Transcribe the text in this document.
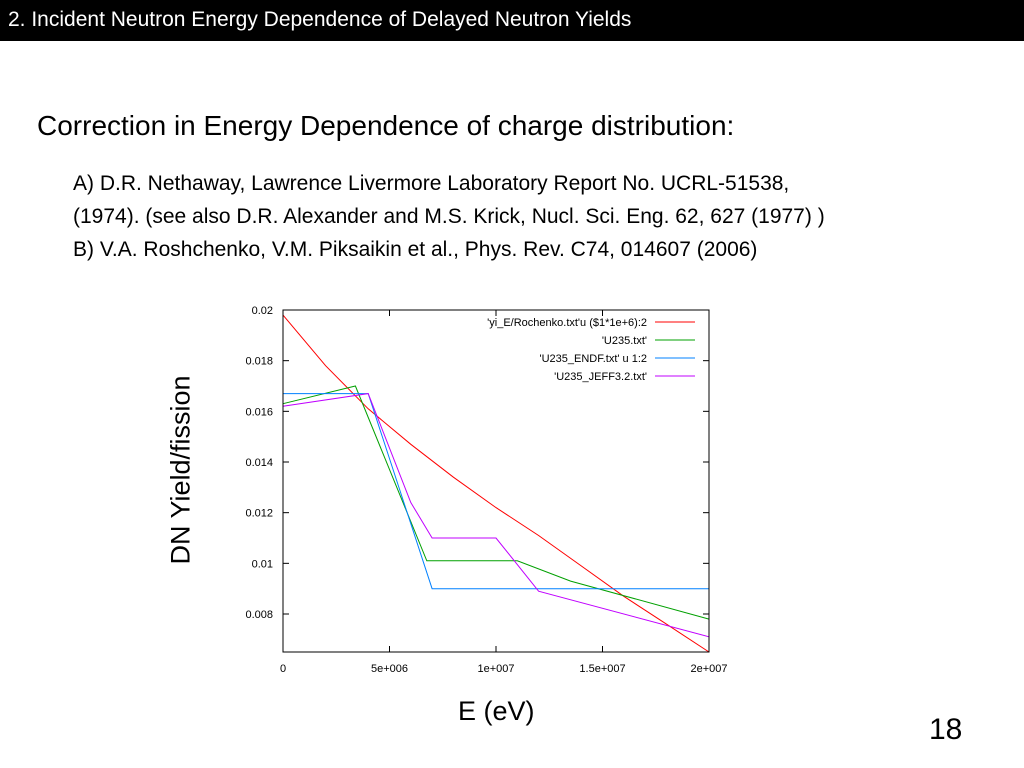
2. Incident Neutron Energy Dependence of Delayed Neutron Yields
Correction in Energy Dependence of charge distribution:
A) D.R. Nethaway, Lawrence Livermore Laboratory Report No. UCRL-51538,
(1974). (see also D.R. Alexander and M.S. Krick, Nucl. Sci. Eng. 62, 627 (1977) )
B) V.A. Roshchenko, V.M. Piksaikin et al., Phys. Rev. C74, 014607 (2006)
0.008
0.01
0.012
0.014
0.016
0.018
0.02
0	5e+006	1e+007	1.5e+007	2e+007
'yi_E/Rochenko.txt'u ($1*1e+6):2
'U235.txt'
'U235_ENDF.txt' u 1:2
'U235_JEFF3.2.txt'
DN Yield/fission
E (eV)
18
